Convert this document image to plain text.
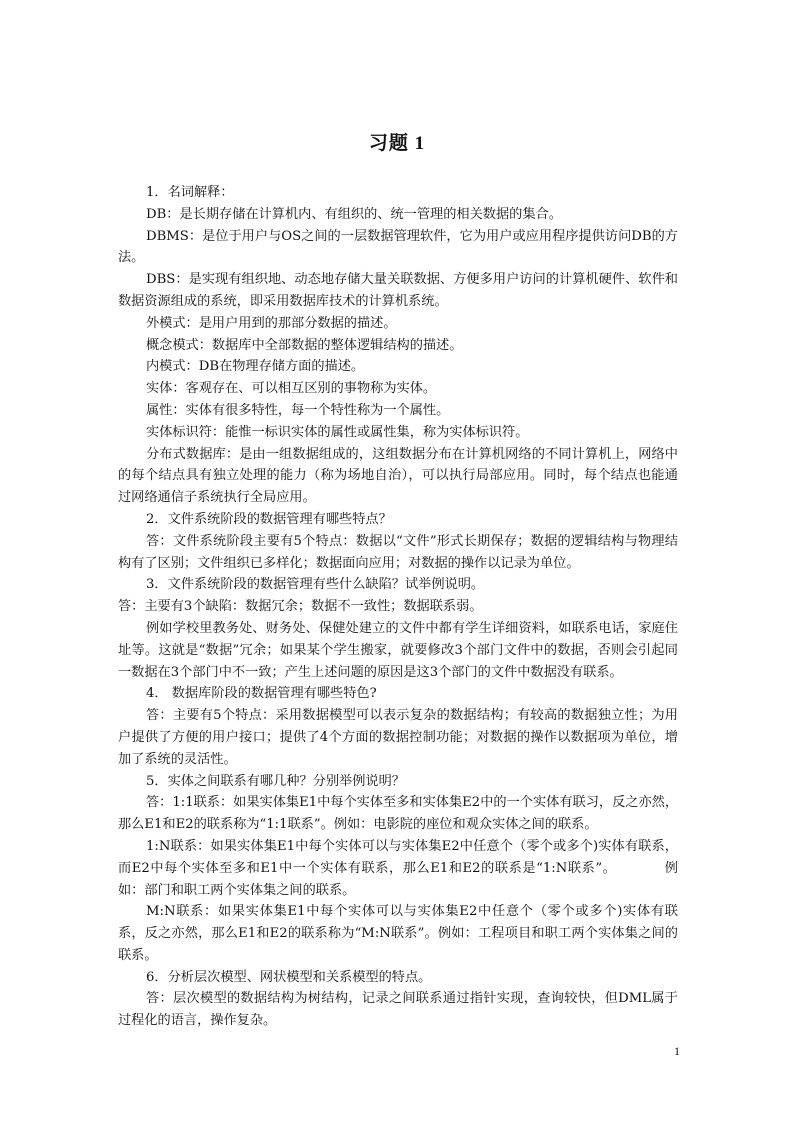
习题 1

1．名词解释：

DB：是长期存储在计算机内、有组织的、统一管理的相关数据的集合。

DBMS：是位于用户与OS之间的一层数据管理软件，它为用户或应用程序提供访问DB的方法。

DBS：是实现有组织地、动态地存储大量关联数据、方便多用户访问的计算机硬件、软件和数据资源组成的系统，即采用数据库技术的计算机系统。

外模式：是用户用到的那部分数据的描述。

概念模式：数据库中全部数据的整体逻辑结构的描述。

内模式：DB在物理存储方面的描述。

实体：客观存在、可以相互区别的事物称为实体。

属性：实体有很多特性，每一个特性称为一个属性。

实体标识符：能惟一标识实体的属性或属性集，称为实体标识符。

分布式数据库：是由一组数据组成的，这组数据分布在计算机网络的不同计算机上，网络中的每个结点具有独立处理的能力（称为场地自治），可以执行局部应用。同时，每个结点也能通过网络通信子系统执行全局应用。

2．文件系统阶段的数据管理有哪些特点？

答：文件系统阶段主要有5个特点：数据以“文件”形式长期保存；数据的逻辑结构与物理结构有了区别；文件组织已多样化；数据面向应用；对数据的操作以记录为单位。

3．文件系统阶段的数据管理有些什么缺陷？试举例说明。

答：主要有3个缺陷：数据冗余；数据不一致性；数据联系弱。

例如学校里教务处、财务处、保健处建立的文件中都有学生详细资料，如联系电话，家庭住址等。这就是“数据”冗余；如果某个学生搬家，就要修改3个部门文件中的数据，否则会引起同一数据在3个部门中不一致；产生上述问题的原因是这3个部门的文件中数据没有联系。

4． 数据库阶段的数据管理有哪些特色?

答：主要有5个特点：采用数据模型可以表示复杂的数据结构；有较高的数据独立性；为用户提供了方便的用户接口；提供了4个方面的数据控制功能；对数据的操作以数据项为单位，增加了系统的灵活性。

5．实体之间联系有哪几种？分别举例说明？

答：1:1联系：如果实体集E1中每个实体至多和实体集E2中的一个实体有联习，反之亦然，那么E1和E2的联系称为“1:1联系”。例如：电影院的座位和观众实体之间的联系。

1:N联系：如果实体集E1中每个实体可以与实体集E2中任意个（零个或多个)实体有联系，而E2中每个实体至多和E1中一个实体有联系，那么E1和E2的联系是“1:N联系”。　　　　例如：部门和职工两个实体集之间的联系。

M:N联系：如果实体集E1中每个实体可以与实体集E2中任意个（零个或多个)实体有联系，反之亦然，那么E1和E2的联系称为“M:N联系”。例如：工程项目和职工两个实体集之间的联系。

6．分析层次模型、网状模型和关系模型的特点。

答：层次模型的数据结构为树结构，记录之间联系通过指针实现，查询较快，但DML属于过程化的语言，操作复杂。

1
